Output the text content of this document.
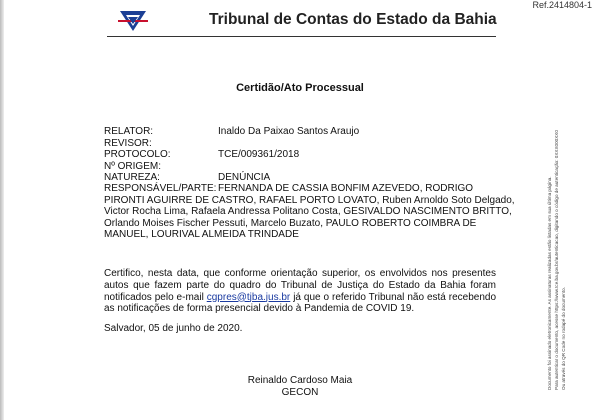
Ref.2414804-1
Tribunal de Contas do Estado da Bahia
Certidão/Ato Processual
RELATOR:	Inaldo Da Paixao Santos Araujo
REVISOR:
PROTOCOLO:	TCE/009361/2018
Nº ORIGEM:
NATUREZA:	DENÚNCIA
RESPONSÁVEL/PARTE: FERNANDA DE CASSIA BONFIM AZEVEDO, RODRIGO
PIRONTI AGUIRRE DE CASTRO, RAFAEL PORTO LOVATO, Ruben Arnoldo Soto Delgado,
Victor Rocha Lima, Rafaela Andressa Politano Costa, GESIVALDO NASCIMENTO BRITTO,
Orlando Moises Fischer Pessuti, Marcelo Buzato, PAULO ROBERTO COIMBRA DE
MANUEL, LOURIVAL ALMEIDA TRINDADE
Certifico, nesta data, que conforme orientação superior, os envolvidos nos presentes autos que fazem parte do quadro do Tribunal de Justiça do Estado da Bahia foram notificados pelo e-mail cgpres@tjba.jus.br já que o referido Tribunal não está recebendo as notificações de forma presencial devido à Pandemia de COVID 19.
Salvador, 05 de junho de 2020.
Reinaldo Cardoso Maia
GECON
Documento foi assinado eletronicamente. As assinaturas realizadas estão listadas em sua última página. Para autenticar o documento, acesse https://www.tce.ba.gov.br/autenticacao, digitando o código de autenticação: 0XXX000XX0 Ou através do QR Code no rodapé do documento.
